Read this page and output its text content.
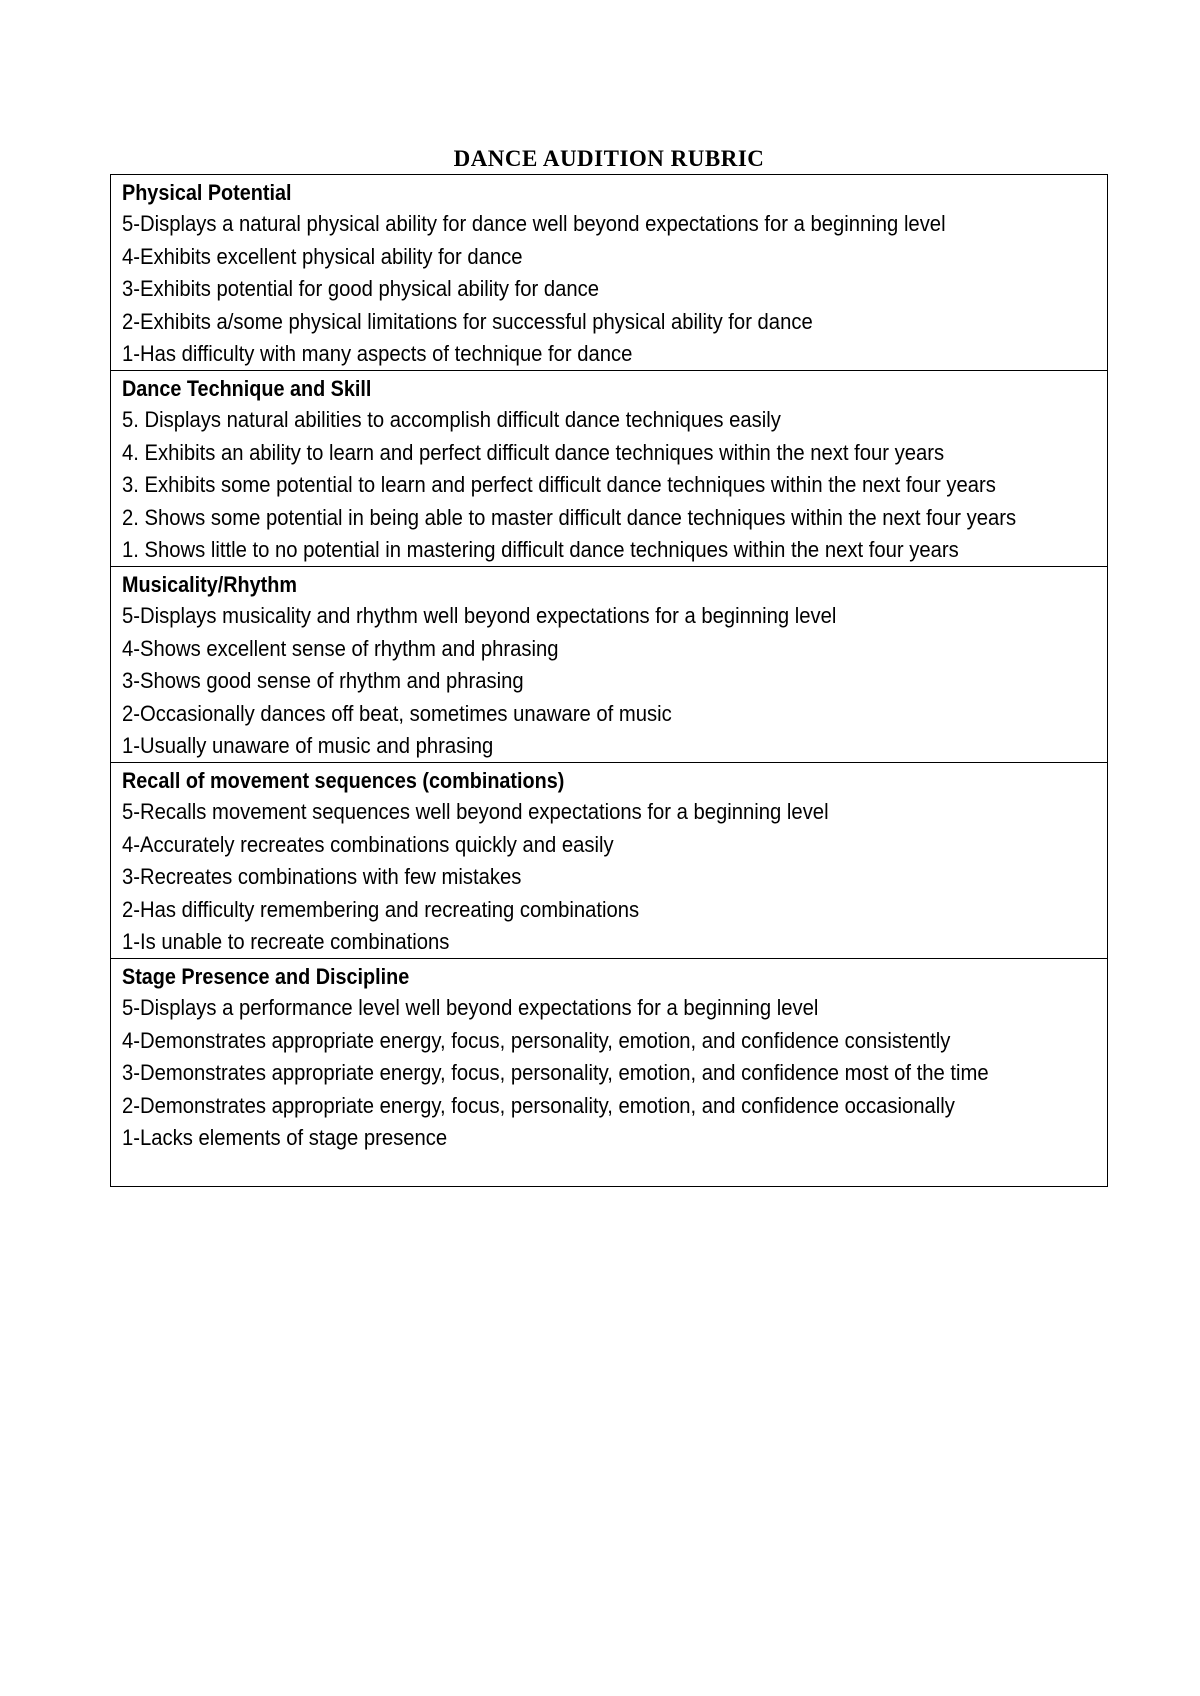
DANCE AUDITION RUBRIC
Physical Potential
5-Displays a natural physical ability for dance well beyond expectations for a beginning level
4-Exhibits excellent physical ability for dance
3-Exhibits potential for good physical ability for dance
2-Exhibits a/some physical limitations for successful physical ability for dance
1-Has difficulty with many aspects of technique for dance
Dance Technique and Skill
5. Displays natural abilities to accomplish difficult dance techniques easily
4. Exhibits an ability to learn and perfect difficult dance techniques within the next four years
3. Exhibits some potential to learn and perfect difficult dance techniques within the next four years
2. Shows some potential in being able to master difficult dance techniques within the next four years
1. Shows little to no potential in mastering difficult dance techniques within the next four years
Musicality/Rhythm
5-Displays musicality and rhythm well beyond expectations for a beginning level
4-Shows excellent sense of rhythm and phrasing
3-Shows good sense of rhythm and phrasing
2-Occasionally dances off beat, sometimes unaware of music
1-Usually unaware of music and phrasing
Recall of movement sequences (combinations)
5-Recalls movement sequences well beyond expectations for a beginning level
4-Accurately recreates combinations quickly and easily
3-Recreates combinations with few mistakes
2-Has difficulty remembering and recreating combinations
1-Is unable to recreate combinations
Stage Presence and Discipline
5-Displays a performance level well beyond expectations for a beginning level
4-Demonstrates appropriate energy, focus, personality, emotion, and confidence consistently
3-Demonstrates appropriate energy, focus, personality, emotion, and confidence most of the time
2-Demonstrates appropriate energy, focus, personality, emotion, and confidence occasionally
1-Lacks elements of stage presence
